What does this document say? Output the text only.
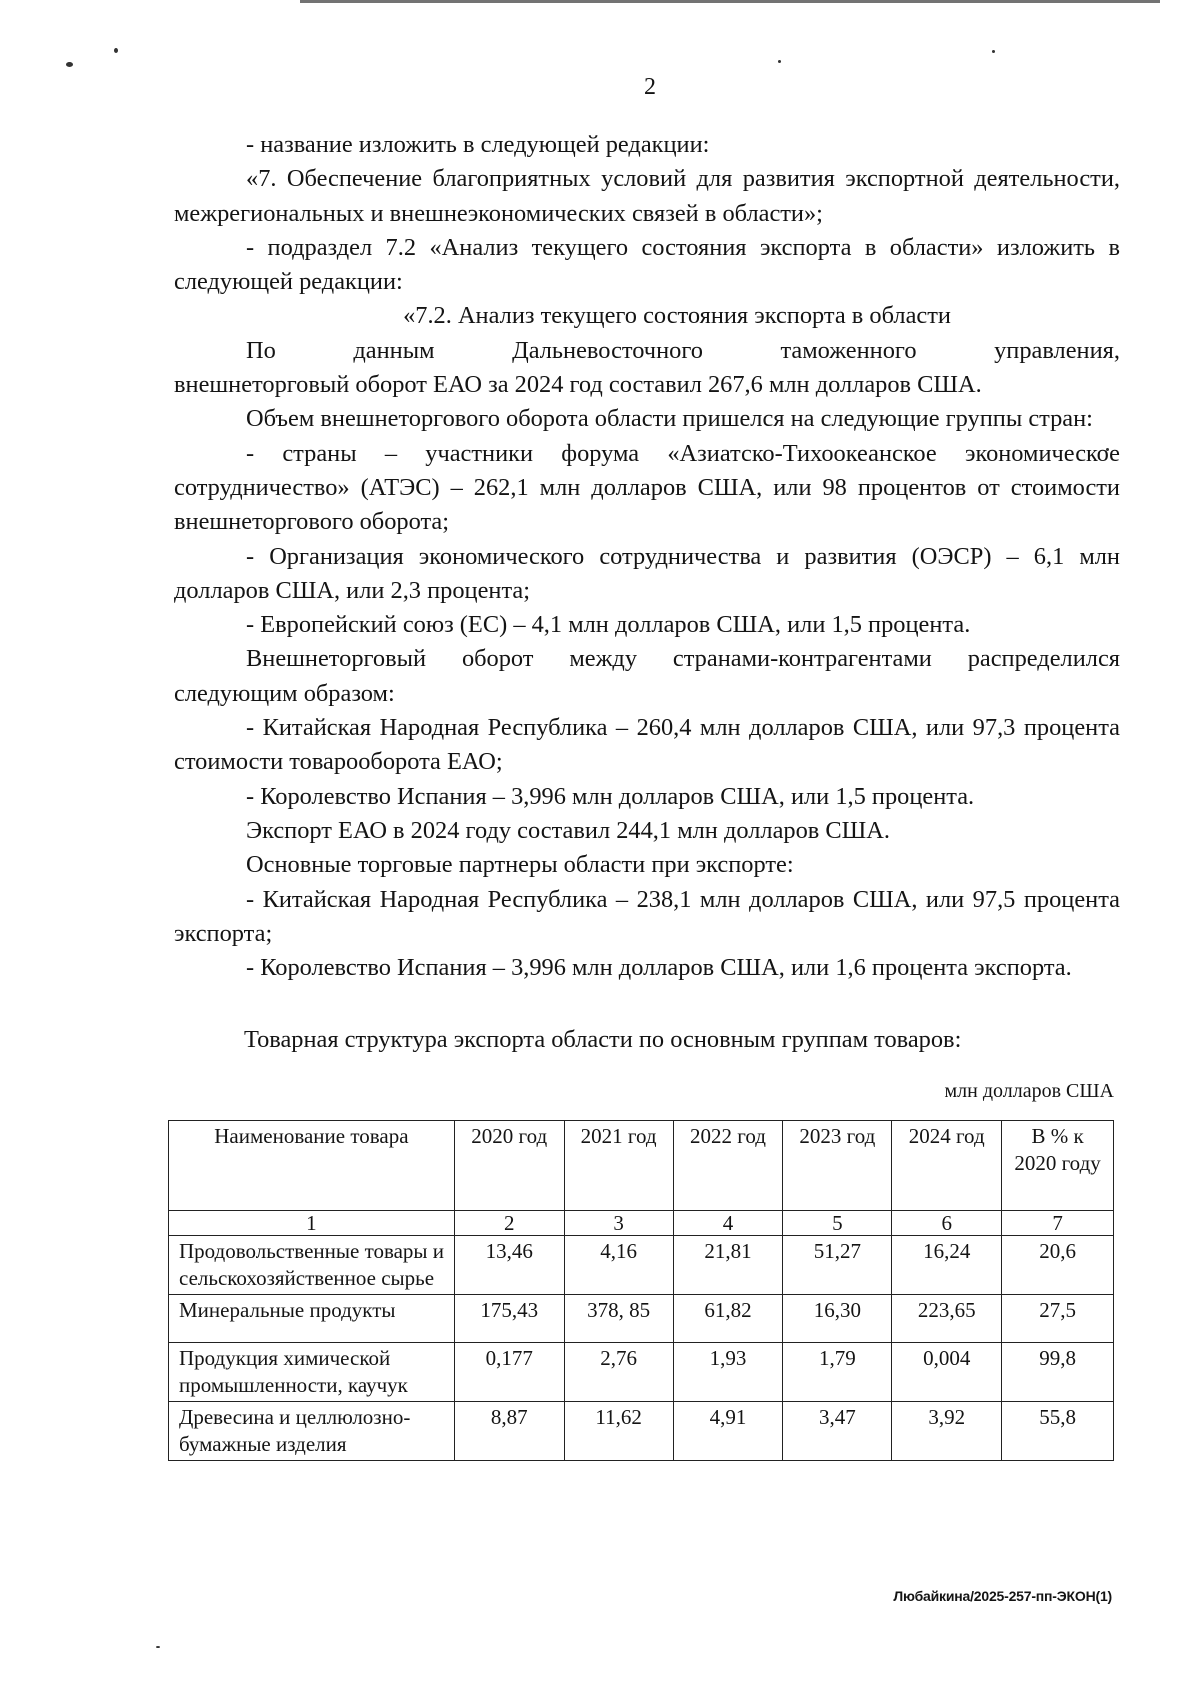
2

- название изложить в следующей редакции:

«7. Обеспечение благоприятных условий для развития экспортной деятельности, межрегиональных и внешнеэкономических связей в области»;

- подраздел 7.2 «Анализ текущего состояния экспорта в области» изложить в следующей редакции:

«7.2. Анализ текущего состояния экспорта в области

По	данным	Дальневосточного	таможенного	управления,

внешнеторговый оборот ЕАО за 2024 год составил 267,6 млн долларов США.

Объем внешнеторгового оборота области пришелся на следующие группы стран:

- страны – участники форума «Азиатско-Тихоокеанское экономическое сотрудничество» (АТЭС) – 262,1 млн долларов США, или 98 процентов от стоимости внешнеторгового оборота;

- Организация экономического сотрудничества и развития (ОЭСР) – 6,1 млн долларов США, или 2,3 процента;

- Европейский союз (ЕС) – 4,1 млн долларов США, или 1,5 процента.

Внешнеторговый оборот между странами-контрагентами распределился следующим образом:

- Китайская Народная Республика – 260,4 млн долларов США, или 97,3 процента стоимости товарооборота ЕАО;

- Королевство Испания – 3,996 млн долларов США, или 1,5 процента.

Экспорт ЕАО в 2024 году составил 244,1 млн долларов США.

Основные торговые партнеры области при экспорте:

- Китайская Народная Республика – 238,1 млн долларов США, или 97,5 процента экспорта;

- Королевство Испания – 3,996 млн долларов США, или 1,6 процента экспорта.

Товарная структура экспорта области по основным группам товаров:
млн долларов США
Наименование товара	2020 год	2021 год	2022 год	2023 год	2024 год	В % к 2020 году
1	2	3	4	5	6	7
Продовольственные товары и сельскохозяйственное сырье	13,46	4,16	21,81	51,27	16,24	20,6
Минеральные продукты	175,43	378, 85	61,82	16,30	223,65	27,5
Продукция химической промышленности, каучук	0,177	2,76	1,93	1,79	0,004	99,8
Древесина и целлюлозно-бумажные изделия	8,87	11,62	4,91	3,47	3,92	55,8
Любайкина/2025-257-пп-ЭКОН(1)
